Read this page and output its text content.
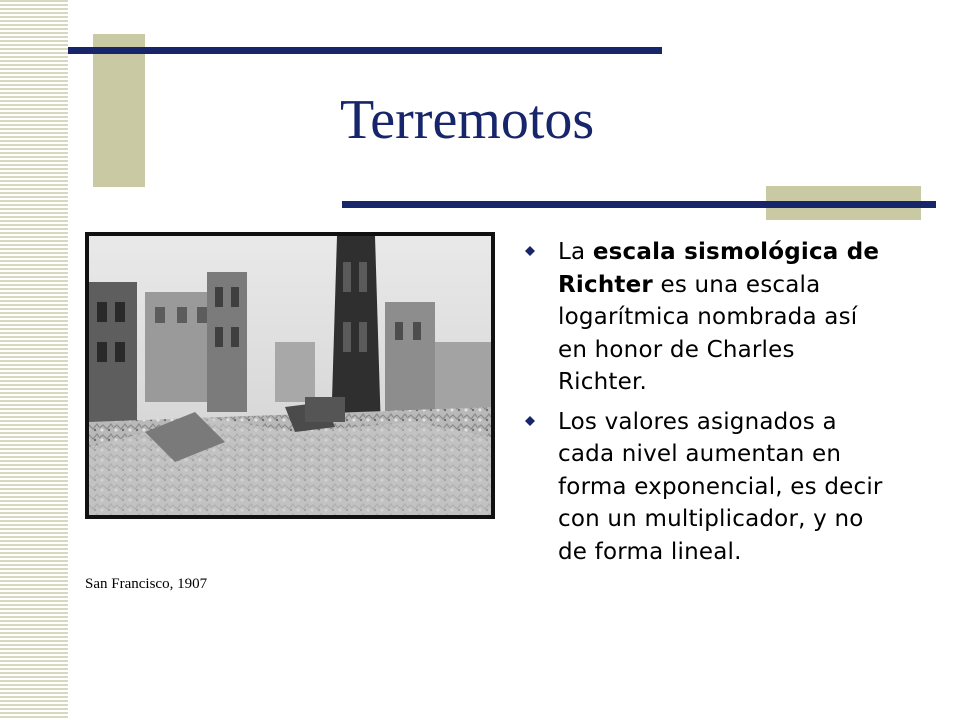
Terremotos
San Francisco, 1907
La escala sismológica de Richter es una escala logarítmica nombrada así en honor de Charles Richter.
Los valores asignados a cada nivel aumentan en forma exponencial, es decir con un multiplicador, y no de forma lineal.
